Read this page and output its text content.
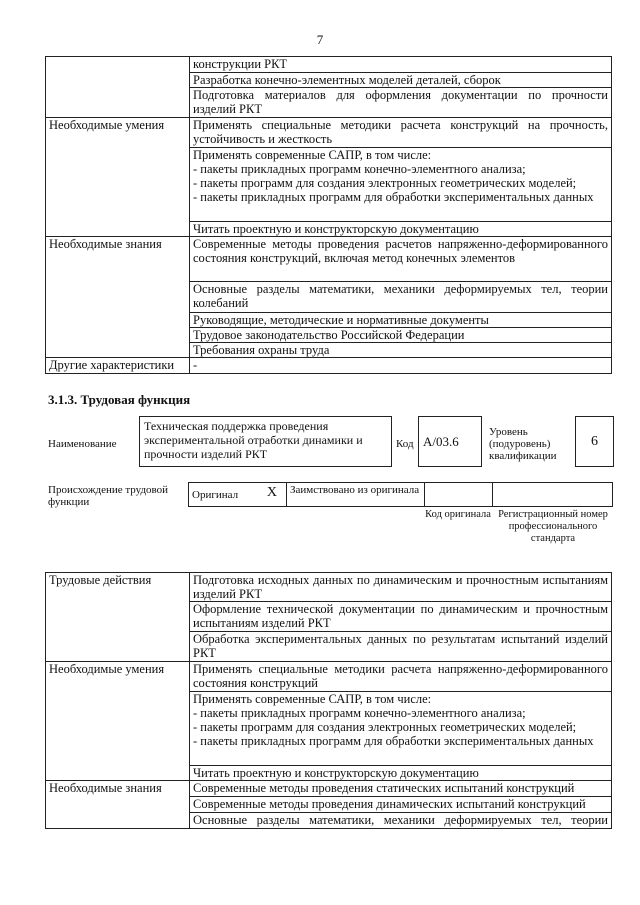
7
	конструкции РКТ
	Разработка конечно-элементных моделей деталей, сборок
	Подготовка материалов для оформления документации по прочности изделий РКТ
Необходимые умения	Применять специальные методики расчета конструкций на прочность, устойчивость и жесткость
	Применять современные САПР, в том числе:
- пакеты прикладных программ конечно-элементного анализа;
- пакеты программ для создания электронных геометрических моделей;
- пакеты прикладных программ для обработки экспериментальных данных
	Читать проектную и конструкторскую документацию
Необходимые знания	Современные методы проведения расчетов напряженно-деформированного состояния конструкций, включая метод конечных элементов
	Основные разделы математики, механики деформируемых тел, теории колебаний
	Руководящие, методические и нормативные документы
	Трудовое законодательство Российской Федерации
	Требования охраны труда
Другие характеристики	-
3.1.3. Трудовая функция
Наименование
Техническая поддержка проведения экспериментальной отработки динамики и прочности изделий РКТ
Код А/03.6
Уровень (подуровень) квалификации
6
Происхождение трудовой функции
Оригинал X	Заимствовано из оригинала		
Код оригинала Регистрационный номер профессионального стандарта
Трудовые действия	Подготовка исходных данных по динамическим и прочностным испытаниям изделий РКТ
	Оформление технической документации по динамическим и прочностным испытаниям изделий РКТ
	Обработка экспериментальных данных по результатам испытаний изделий РКТ
Необходимые умения	Применять специальные методики расчета напряженно-деформированного состояния конструкций
	Применять современные САПР, в том числе:
- пакеты прикладных программ конечно-элементного анализа;
- пакеты программ для создания электронных геометрических моделей;
- пакеты прикладных программ для обработки экспериментальных данных
	Читать проектную и конструкторскую документацию
Необходимые знания	Современные методы проведения статических испытаний конструкций
	Современные методы проведения динамических испытаний конструкций
	Основные разделы математики, механики деформируемых тел, теории
